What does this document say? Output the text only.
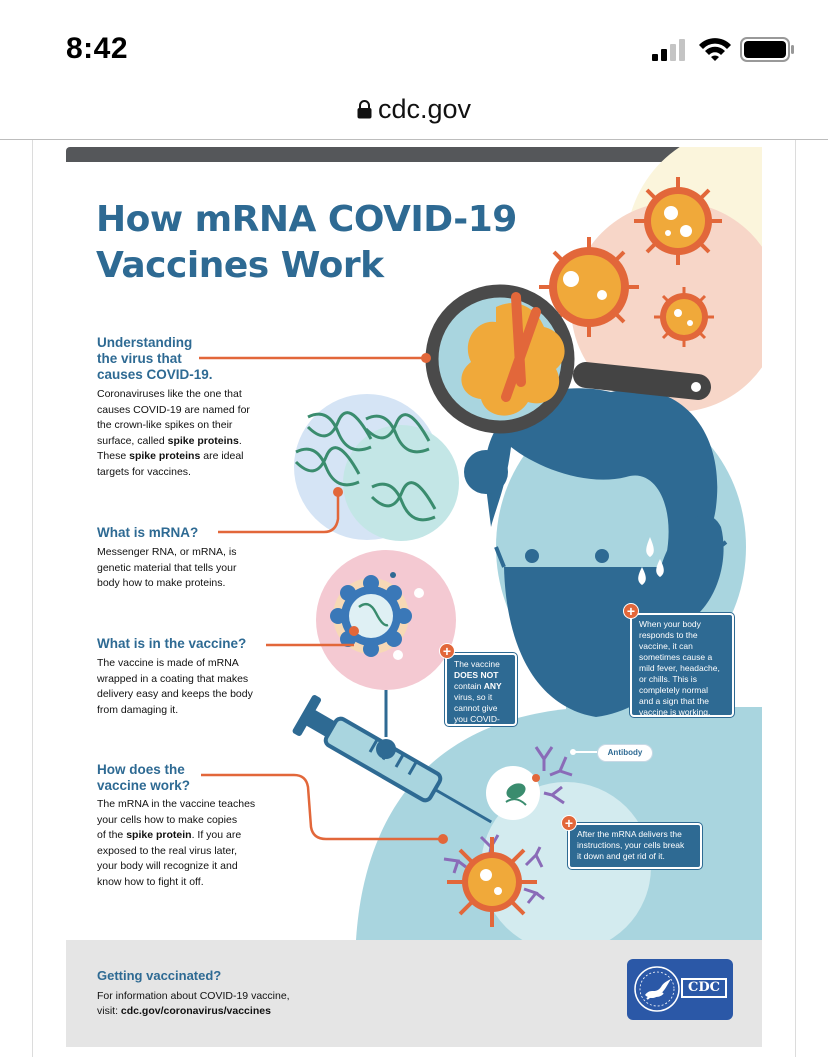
8:42
cdc.gov
How mRNA COVID-19
Vaccines Work
Understanding
the virus that
causes COVID-19.
Coronaviruses like the one that
causes COVID-19 are named for
the crown-like spikes on their
surface, called spike proteins.
These spike proteins are ideal
targets for vaccines.
What is mRNA?
Messenger RNA, or mRNA, is
genetic material that tells your
body how to make proteins.
What is in the vaccine?
The vaccine is made of mRNA
wrapped in a coating that makes
delivery easy and keeps the body
from damaging it.
How does the
vaccine work?
The mRNA in the vaccine teaches
your cells how to make copies
of the spike protein. If you are
exposed to the real virus later,
your body will recognize it and
know how to fight it off.
The vaccine
DOES NOT
contain ANY
virus, so it
cannot give
you COVID-19.
+
When your body
responds to the
vaccine, it can
sometimes cause a
mild fever, headache,
or chills. This is
completely normal
and a sign that the
vaccine is working.
+
After the mRNA delivers the
instructions, your cells break
it down and get rid of it.
+
Antibody
Getting vaccinated?
For information about COVID-19 vaccine,
visit: cdc.gov/coronavirus/vaccines
CDC
